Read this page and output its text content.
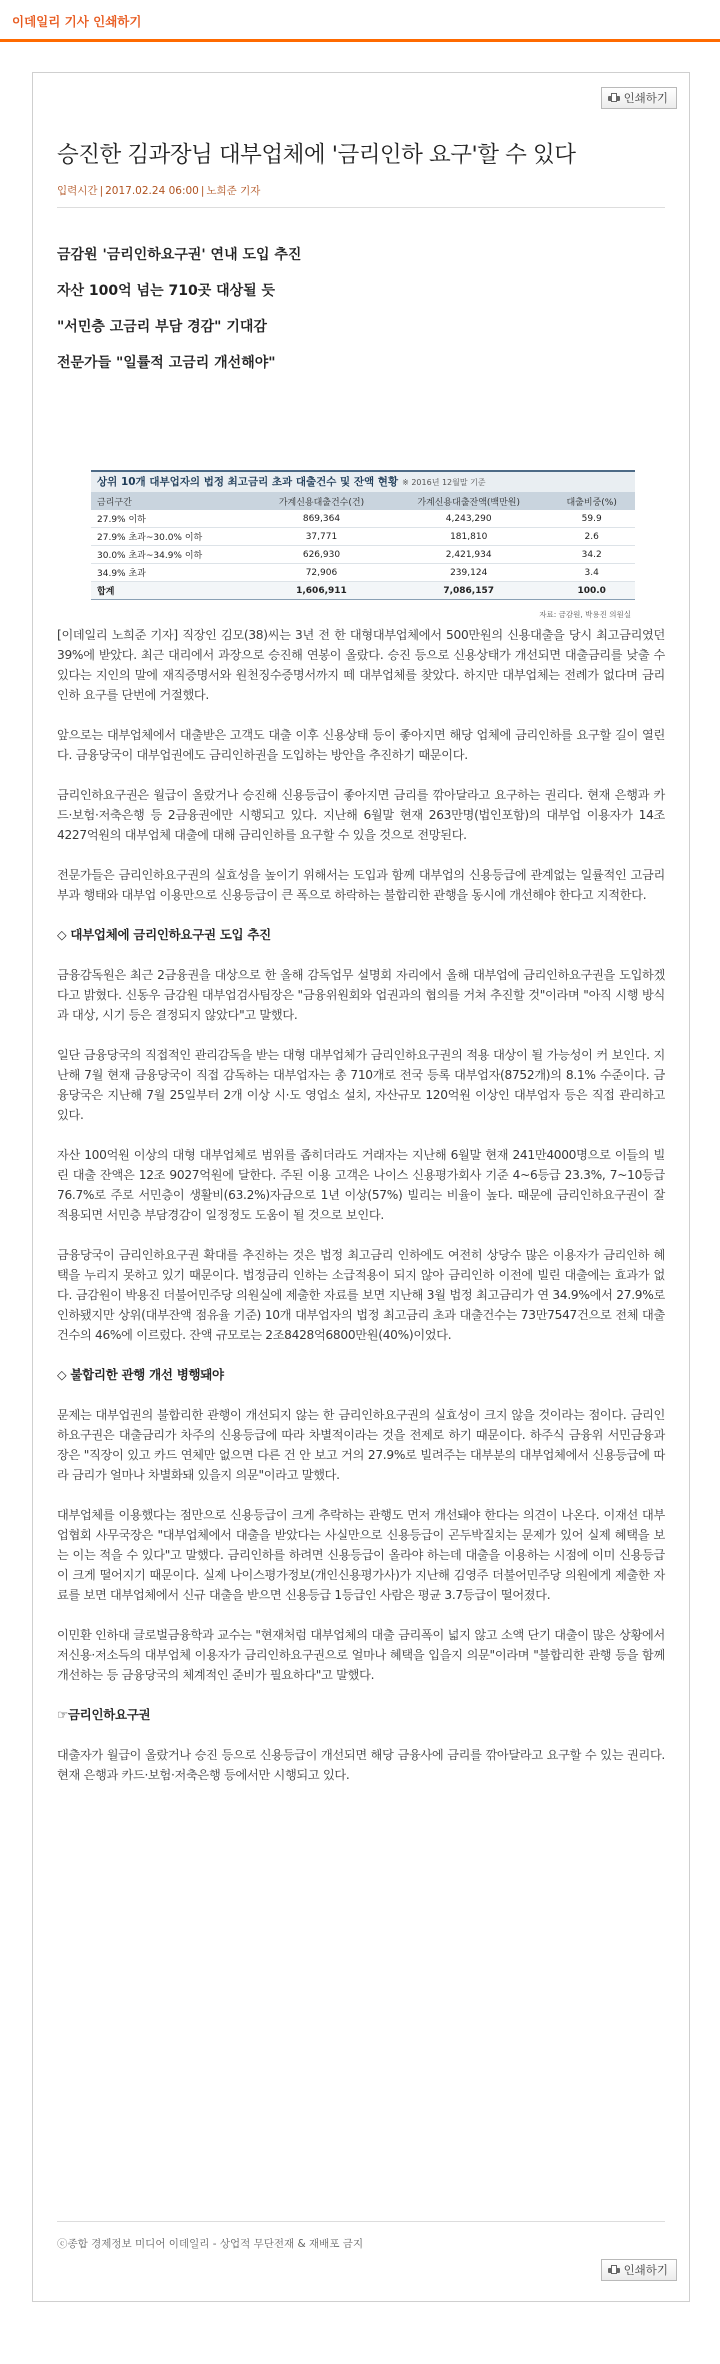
이데일리 기사 인쇄하기
인쇄하기
승진한 김과장님 대부업체에 '금리인하 요구'할 수 있다
입력시간 | 2017.02.24 06:00 | 노희준 기자
금감원 '금리인하요구권' 연내 도입 추진
자산 100억 넘는 710곳 대상될 듯
"서민층 고금리 부담 경감" 기대감
전문가들 "일률적 고금리 개선해야"
상위 10개 대부업자의 법정 최고금리 초과 대출건수 및 잔액 현황 ※ 2016년 12월말 기준
금리구간	가계신용대출건수(건)	가계신용대출잔액(백만원)	대출비중(%)
27.9% 이하	869,364	4,243,290	59.9
27.9% 초과~30.0% 이하	37,771	181,810	2.6
30.0% 초과~34.9% 이하	626,930	2,421,934	34.2
34.9% 초과	72,906	239,124	3.4
합계	1,606,911	7,086,157	100.0
자료: 금감원, 박용진 의원실

[이데일리 노희준 기자] 직장인 김모(38)씨는 3년 전 한 대형대부업체에서 500만원의 신용대출을 당시 최고금리였던 39%에 받았다. 최근 대리에서 과장으로 승진해 연봉이 올랐다. 승진 등으로 신용상태가 개선되면 대출금리를 낮출 수 있다는 지인의 말에 재직증명서와 원천징수증명서까지 떼 대부업체를 찾았다. 하지만 대부업체는 전례가 없다며 금리인하 요구를 단번에 거절했다.

앞으로는 대부업체에서 대출받은 고객도 대출 이후 신용상태 등이 좋아지면 해당 업체에 금리인하를 요구할 길이 열린다. 금융당국이 대부업권에도 금리인하권을 도입하는 방안을 추진하기 때문이다.

금리인하요구권은 월급이 올랐거나 승진해 신용등급이 좋아지면 금리를 깎아달라고 요구하는 권리다. 현재 은행과 카드·보험·저축은행 등 2금융권에만 시행되고 있다. 지난해 6월말 현재 263만명(법인포함)의 대부업 이용자가 14조4227억원의 대부업체 대출에 대해 금리인하를 요구할 수 있을 것으로 전망된다.

전문가들은 금리인하요구권의 실효성을 높이기 위해서는 도입과 함께 대부업의 신용등급에 관계없는 일률적인 고금리 부과 행태와 대부업 이용만으로 신용등급이 큰 폭으로 하락하는 불합리한 관행을 동시에 개선해야 한다고 지적한다.

◇ 대부업체에 금리인하요구권 도입 추진

금융감독원은 최근 2금융권을 대상으로 한 올해 감독업무 설명회 자리에서 올해 대부업에 금리인하요구권을 도입하겠다고 밝혔다. 신동우 금감원 대부업검사팀장은 "금융위원회와 업권과의 협의를 거쳐 추진할 것"이라며 "아직 시행 방식과 대상, 시기 등은 결정되지 않았다"고 말했다.

일단 금융당국의 직접적인 관리감독을 받는 대형 대부업체가 금리인하요구권의 적용 대상이 될 가능성이 커 보인다. 지난해 7월 현재 금융당국이 직접 감독하는 대부업자는 총 710개로 전국 등록 대부업자(8752개)의 8.1% 수준이다. 금융당국은 지난해 7월 25일부터 2개 이상 시·도 영업소 설치, 자산규모 120억원 이상인 대부업자 등은 직접 관리하고 있다.

자산 100억원 이상의 대형 대부업체로 범위를 좁히더라도 거래자는 지난해 6월말 현재 241만4000명으로 이들의 빌린 대출 잔액은 12조 9027억원에 달한다. 주된 이용 고객은 나이스 신용평가회사 기준 4~6등급 23.3%, 7~10등급 76.7%로 주로 서민층이 생활비(63.2%)자금으로 1년 이상(57%) 빌리는 비율이 높다. 때문에 금리인하요구권이 잘 적용되면 서민층 부담경감이 일정정도 도움이 될 것으로 보인다.

금융당국이 금리인하요구권 확대를 추진하는 것은 법정 최고금리 인하에도 여전히 상당수 많은 이용자가 금리인하 혜택을 누리지 못하고 있기 때문이다. 법정금리 인하는 소급적용이 되지 않아 금리인하 이전에 빌린 대출에는 효과가 없다. 금감원이 박용진 더불어민주당 의원실에 제출한 자료를 보면 지난해 3월 법정 최고금리가 연 34.9%에서 27.9%로 인하됐지만 상위(대부잔액 점유율 기준) 10개 대부업자의 법정 최고금리 초과 대출건수는 73만7547건으로 전체 대출 건수의 46%에 이르렀다. 잔액 규모로는 2조8428억6800만원(40%)이었다.

◇ 불합리한 관행 개선 병행돼야

문제는 대부업권의 불합리한 관행이 개선되지 않는 한 금리인하요구권의 실효성이 크지 않을 것이라는 점이다. 금리인하요구권은 대출금리가 차주의 신용등급에 따라 차별적이라는 것을 전제로 하기 때문이다. 하주식 금융위 서민금융과장은 "직장이 있고 카드 연체만 없으면 다른 건 안 보고 거의 27.9%로 빌려주는 대부분의 대부업체에서 신용등급에 따라 금리가 얼마나 차별화돼 있을지 의문"이라고 말했다.

대부업체를 이용했다는 점만으로 신용등급이 크게 추락하는 관행도 먼저 개선돼야 한다는 의견이 나온다. 이재선 대부업협회 사무국장은 "대부업체에서 대출을 받았다는 사실만으로 신용등급이 곤두박질치는 문제가 있어 실제 혜택을 보는 이는 적을 수 있다"고 말했다. 금리인하를 하려면 신용등급이 올라야 하는데 대출을 이용하는 시점에 이미 신용등급이 크게 떨어지기 때문이다. 실제 나이스평가정보(개인신용평가사)가 지난해 김영주 더불어민주당 의원에게 제출한 자료를 보면 대부업체에서 신규 대출을 받으면 신용등급 1등급인 사람은 평균 3.7등급이 떨어졌다.

이민환 인하대 글로벌금융학과 교수는 "현재처럼 대부업체의 대출 금리폭이 넓지 않고 소액 단기 대출이 많은 상황에서 저신용·저소득의 대부업체 이용자가 금리인하요구권으로 얼마나 혜택을 입을지 의문"이라며 "불합리한 관행 등을 함께 개선하는 등 금융당국의 체계적인 준비가 필요하다"고 말했다.

☞금리인하요구권

대출자가 월급이 올랐거나 승진 등으로 신용등급이 개선되면 해당 금융사에 금리를 깎아달라고 요구할 수 있는 권리다. 현재 은행과 카드·보험·저축은행 등에서만 시행되고 있다.

ⓒ종합 경제정보 미디어 이데일리 - 상업적 무단전재 & 재배포 금지
인쇄하기
